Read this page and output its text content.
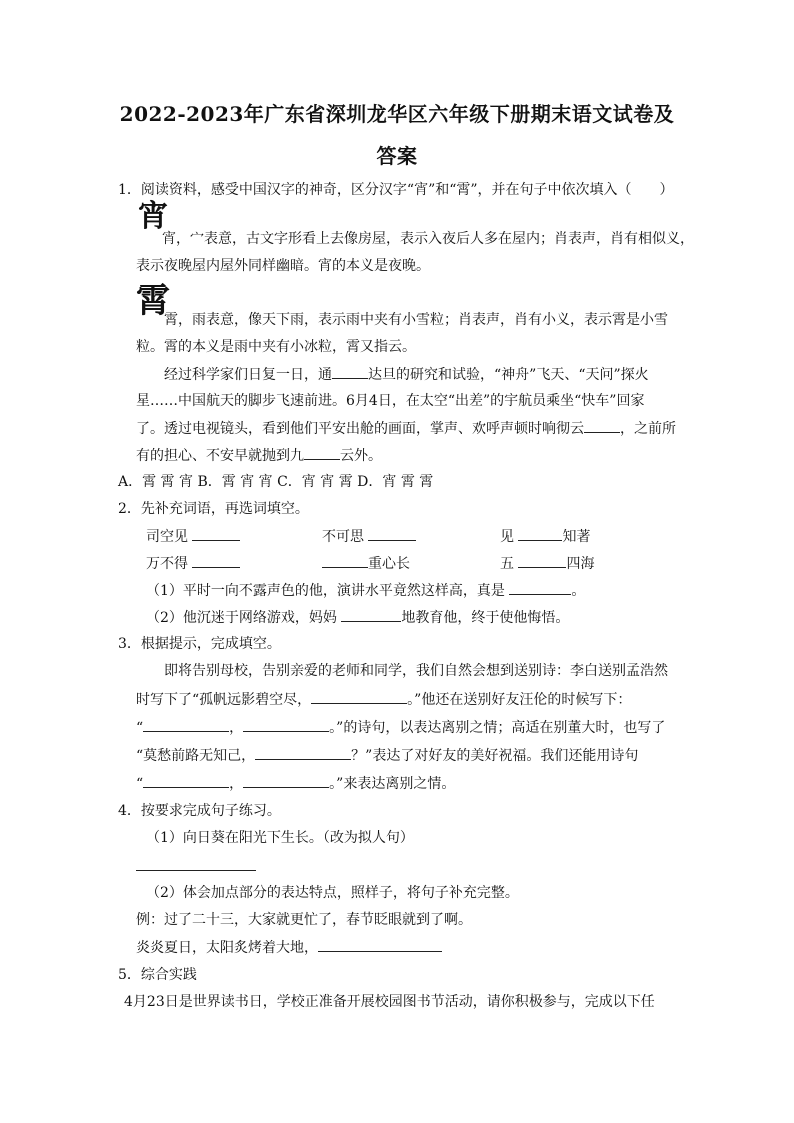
2022-2023年广东省深圳龙华区六年级下册期末语文试卷及
答案
1．阅读资料，感受中国汉字的神奇，区分汉字“宵”和“霄”，并在句子中依次填入（　　）
宵
宵，宀表意，古文字形看上去像房屋，表示入夜后人多在屋内；肖表声，肖有相似义，
表示夜晚屋内屋外同样幽暗。宵的本义是夜晚。
霄
霄，雨表意，像天下雨，表示雨中夹有小雪粒；肖表声，肖有小义，表示霄是小雪
粒。霄的本义是雨中夹有小冰粒，霄又指云。
经过科学家们日复一日，通	达旦的研究和试验，“神舟”飞天、“天问”探火
星……中国航天的脚步飞速前进。6月4日，在太空“出差”的宇航员乘坐“快车”回家
了。透过电视镜头，看到他们平安出舱的画面，掌声、欢呼声顿时响彻云	，之前所
有的担心、不安早就抛到九	云外。
A．霄 霄 宵 B．霄 宵 宵 C．宵 宵 霄 D．宵 霄 霄
2．先补充词语，再选词填空。
司空见	不可思	见	知著
万不得	重心长	五	四海
（1）平时一向不露声色的他，演讲水平竟然这样高，真是	。
（2）他沉迷于网络游戏，妈妈	地教育他，终于使他悔悟。
3．根据提示，完成填空。
即将告别母校，告别亲爱的老师和同学，我们自然会想到送别诗：李白送别孟浩然
时写下了“孤帆远影碧空尽，	。”他还在送别好友汪伦的时候写下：
“	，	。”的诗句，以表达离别之情；高适在别董大时，也写了
“莫愁前路无知己，	？”表达了对好友的美好祝福。我们还能用诗句
“	，	。”来表达离别之情。
4．按要求完成句子练习。
（1）向日葵在阳光下生长。（改为拟人句）
（2）体会加点部分的表达特点，照样子，将句子补充完整。
例：过了二十三，大家就更忙了，春节眨眼就到了啊。
炎炎夏日，太阳炙烤着大地，
5．综合实践
4月23日是世界读书日，学校正准备开展校园图书节活动，请你积极参与，完成以下任
